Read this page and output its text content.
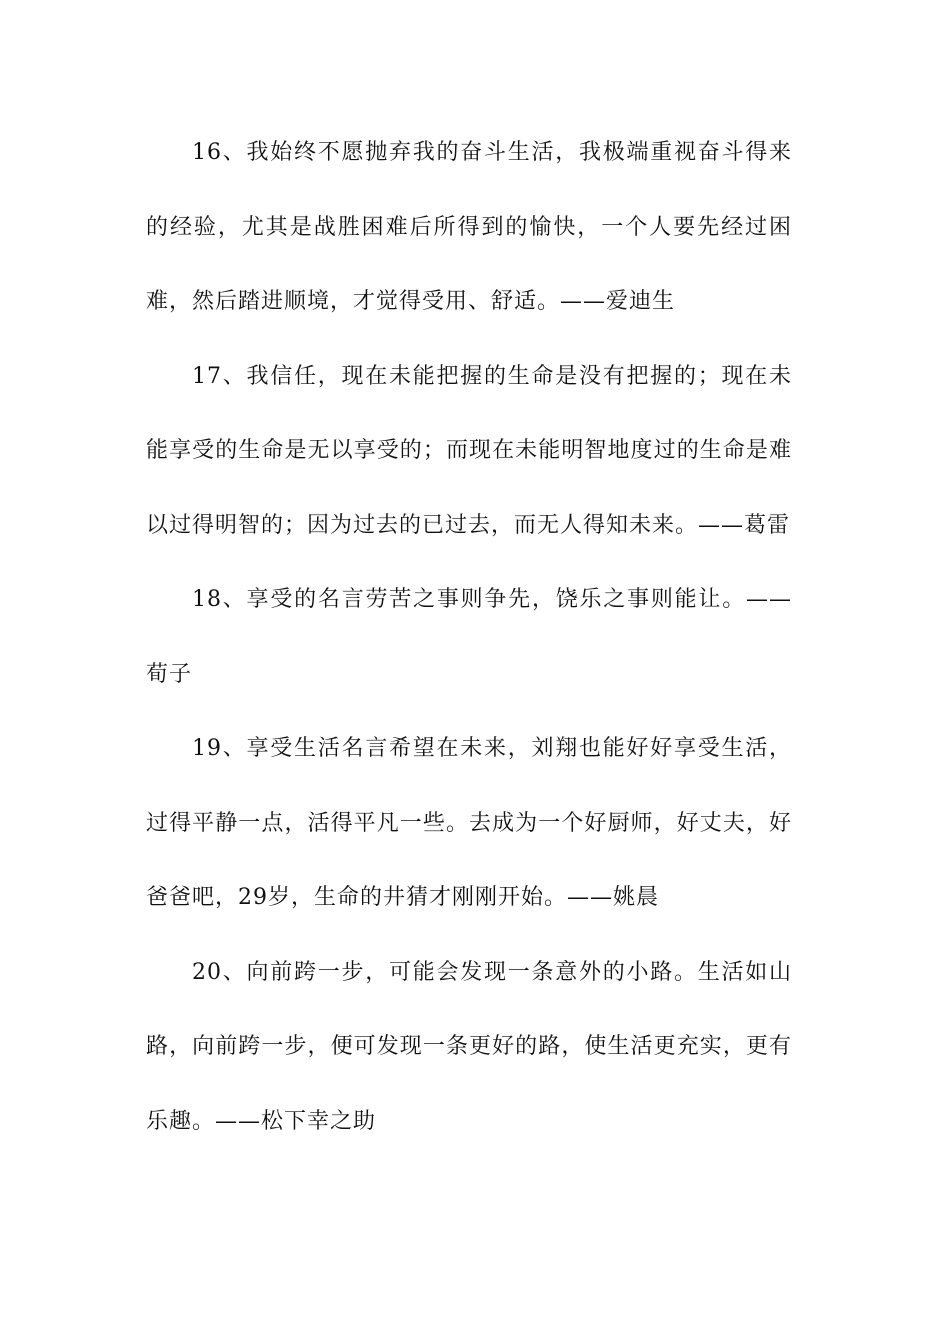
16、我始终不愿抛弃我的奋斗生活，我极端重视奋斗得来的经验，尤其是战胜困难后所得到的愉快，一个人要先经过困难，然后踏进顺境，才觉得受用、舒适。——爱迪生

17、我信任，现在未能把握的生命是没有把握的；现在未能享受的生命是无以享受的；而现在未能明智地度过的生命是难以过得明智的；因为过去的已过去，而无人得知未来。——葛雷

18、享受的名言劳苦之事则争先，饶乐之事则能让。——荀子

19、享受生活名言希望在未来，刘翔也能好好享受生活，过得平静一点，活得平凡一些。去成为一个好厨师，好丈夫，好爸爸吧，29岁，生命的井猜才刚刚开始。——姚晨

20、向前跨一步，可能会发现一条意外的小路。生活如山路，向前跨一步，便可发现一条更好的路，使生活更充实，更有乐趣。——松下幸之助
